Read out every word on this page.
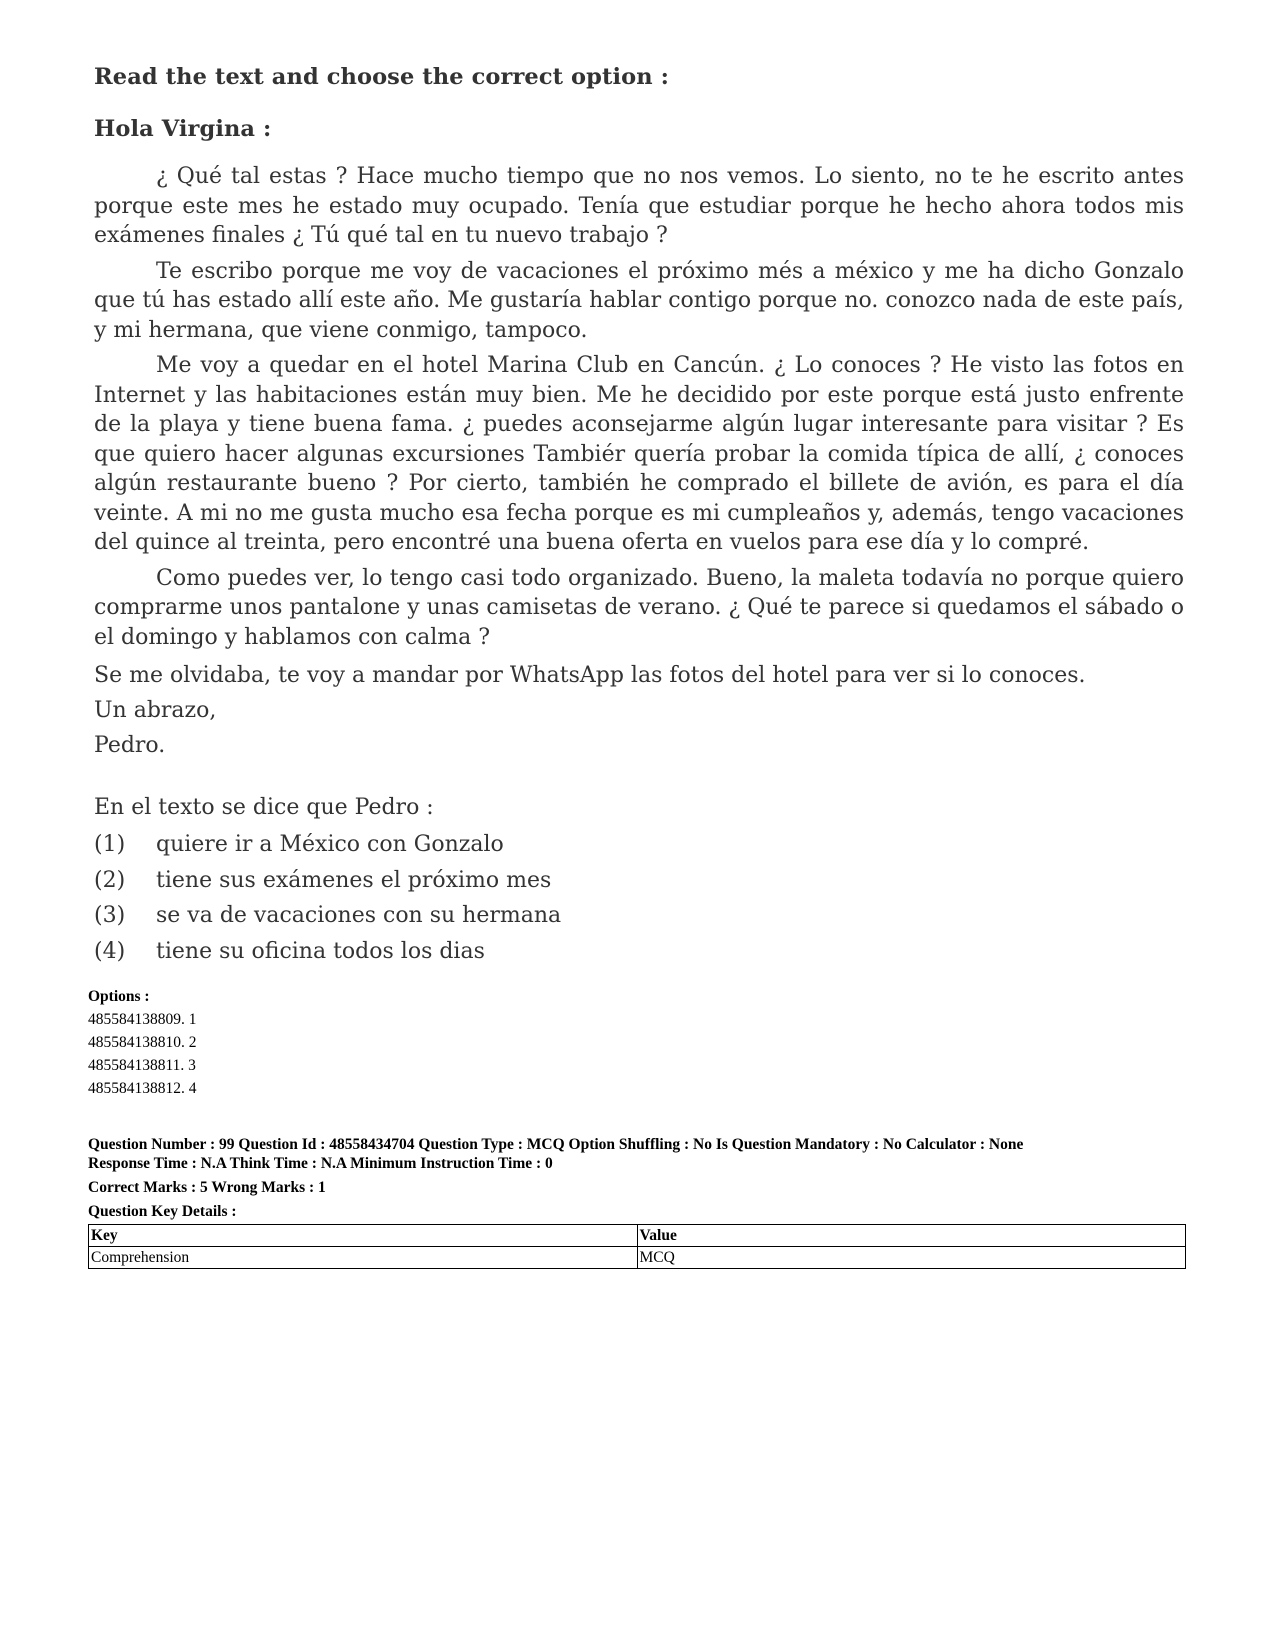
Read the text and choose the correct option :

Hola Virgina :

¿ Qué tal estas ? Hace mucho tiempo que no nos vemos. Lo siento, no te he escrito antes porque este mes he estado muy ocupado. Tenía que estudiar porque he hecho ahora todos mis exámenes finales ¿ Tú qué tal en tu nuevo trabajo ?

Te escribo porque me voy de vacaciones el próximo més a méxico y me ha dicho Gonzalo que tú has estado allí este año. Me gustaría hablar contigo porque no. conozco nada de este país, y mi hermana, que viene conmigo, tampoco.

Me voy a quedar en el hotel Marina Club en Cancún. ¿ Lo conoces ? He visto las fotos en Internet y las habitaciones están muy bien. Me he decidido por este porque está justo enfrente de la playa y tiene buena fama. ¿ puedes aconsejarme algún lugar interesante para visitar ? Es que quiero hacer algunas excursiones Tambiér quería probar la comida típica de allí, ¿ conoces algún restaurante bueno ? Por cierto, también he comprado el billete de avión, es para el día veinte. A mi no me gusta mucho esa fecha porque es mi cumpleaños y, además, tengo vacaciones del quince al treinta, pero encontré una buena oferta en vuelos para ese día y lo compré.

Como puedes ver, lo tengo casi todo organizado. Bueno, la maleta todavía no porque quiero comprarme unos pantalone y unas camisetas de verano. ¿ Qué te parece si quedamos el sábado o el domingo y hablamos con calma ?

Se me olvidaba, te voy a mandar por WhatsApp las fotos del hotel para ver si lo conoces.

Un abrazo,

Pedro.

En el texto se dice que Pedro :

(1)	quiere ir a México con Gonzalo
(2)	tiene sus exámenes el próximo mes
(3)	se va de vacaciones con su hermana
(4)	tiene su oficina todos los dias
Options :
485584138809. 1
485584138810. 2
485584138811. 3
485584138812. 4

Question Number : 99 Question Id : 48558434704 Question Type : MCQ Option Shuffling : No Is Question Mandatory : No Calculator : None

Response Time : N.A Think Time : N.A Minimum Instruction Time : 0

Correct Marks : 5 Wrong Marks : 1

Question Key Details :

Key	Value
Comprehension	MCQ
